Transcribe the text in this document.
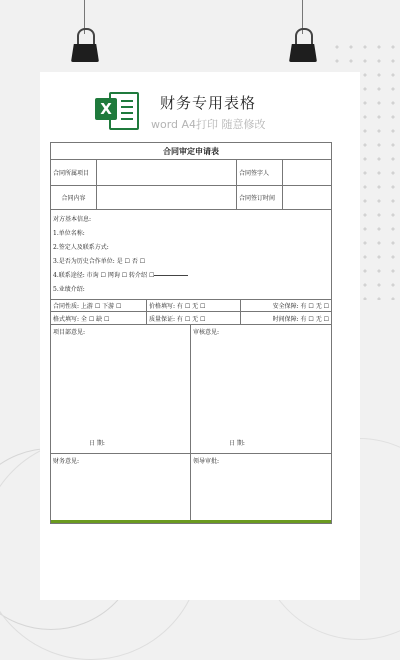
X	财务专用表格
word A4打印 随意修改
合同审定申请表
合同所属项目	合同签字人
合同内容	合同签订时间
对方基本信息:
1.单位名称:
2.签定人及联系方式:
3.是否为历史合作单位: 是 ☐ 否 ☐
4.联系途径: 市询 ☐ 网询 ☐ 转介绍 ☐
5.业绩介绍:
合同性质: 上游 ☐ 下游 ☐	价格填写: 有 ☐ 无 ☐	安全保障: 有 ☐ 无 ☐
格式填写: 全 ☐ 缺 ☐	质量保证: 有 ☐ 无 ☐	时间保障: 有 ☐ 无 ☐
项目部意见:
日 期:
审核意见:
日 期:
财务意见:	领导审批:
